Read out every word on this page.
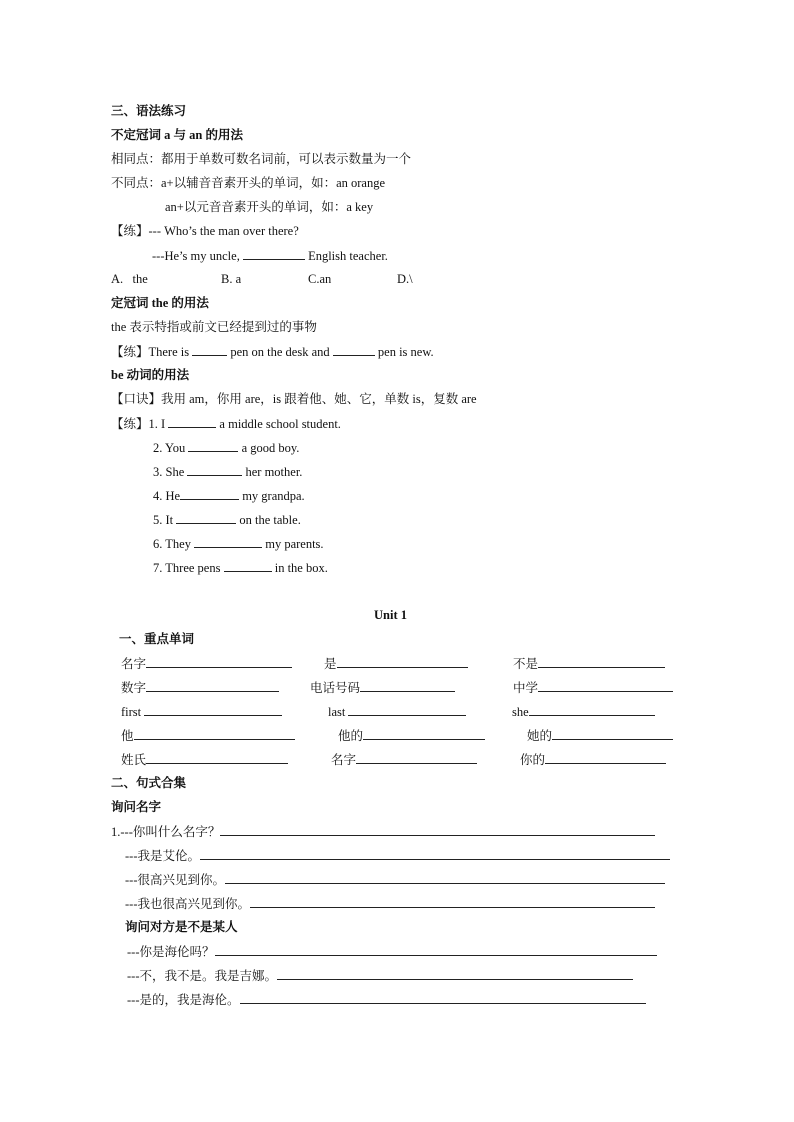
三、语法练习
不定冠词 a 与 an 的用法
相同点：都用于单数可数名词前，可以表示数量为一个
不同点：a+以辅音音素开头的单词，如：an orange
an+以元音音素开头的单词，如：a key
【练】--- Who’s the man over there?
---He’s my uncle,	English teacher.
A.   the	B. a	C.an	D.\
定冠词 the 的用法
the 表示特指或前文已经提到过的事物
【练】There is	pen on the desk and	pen is new.
be 动词的用法
【口诀】我用 am，你用 are，is 跟着他、她、它，单数 is，复数 are
【练】1. I	a middle school student.
2. You	a good boy.
3. She	her mother.
4. He	my grandpa.
5. It	on the table.
6. They	my parents.
7. Three pens	in the box.
Unit 1
一、重点单词
名字	是	不是
数字	电话号码	中学
first	last	she
他	他的	她的
姓氏	名字	你的
二、句式合集
询问名字
1.---你叫什么名字？
---我是艾伦。
---很高兴见到你。
---我也很高兴见到你。
询问对方是不是某人
---你是海伦吗？
---不，我不是。我是吉娜。
---是的，我是海伦。
